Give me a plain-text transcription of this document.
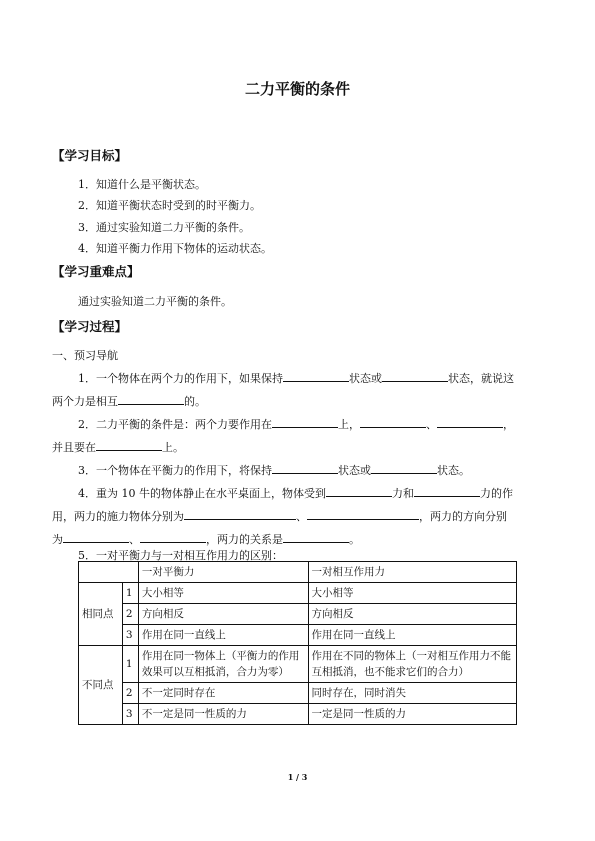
二力平衡的条件
【学习目标】
1．知道什么是平衡状态。
2．知道平衡状态时受到的时平衡力。
3．通过实验知道二力平衡的条件。
4．知道平衡力作用下物体的运动状态。
【学习重难点】
通过实验知道二力平衡的条件。
【学习过程】
一、预习导航
1．一个物体在两个力的作用下，如果保持	状态或	状态，就说这
两个力是相互	的。
2．二力平衡的条件是：两个力要作用在	上，	、	，
并且要在	上。
3．一个物体在平衡力的作用下，将保持	状态或	状态。
4．重为 10 牛的物体静止在水平桌面上，物体受到	力和	力的作
用，两力的施力物体分别为	、	，两力的方向分别
为	、	，两力的关系是	。
5．一对平衡力与一对相互作用力的区别：
		一对平衡力	一对相互作用力
相同点	1	大小相等	大小相等
	2	方向相反	方向相反
	3	作用在同一直线上	作用在同一直线上
不同点	1	作用在同一物体上（平衡力的作用效果可以互相抵消，合力为零）	作用在不同的物体上（一对相互作用力不能互相抵消，也不能求它们的合力）
	2	不一定同时存在	同时存在，同时消失
	3	不一定是同一性质的力	一定是同一性质的力
1 / 3
